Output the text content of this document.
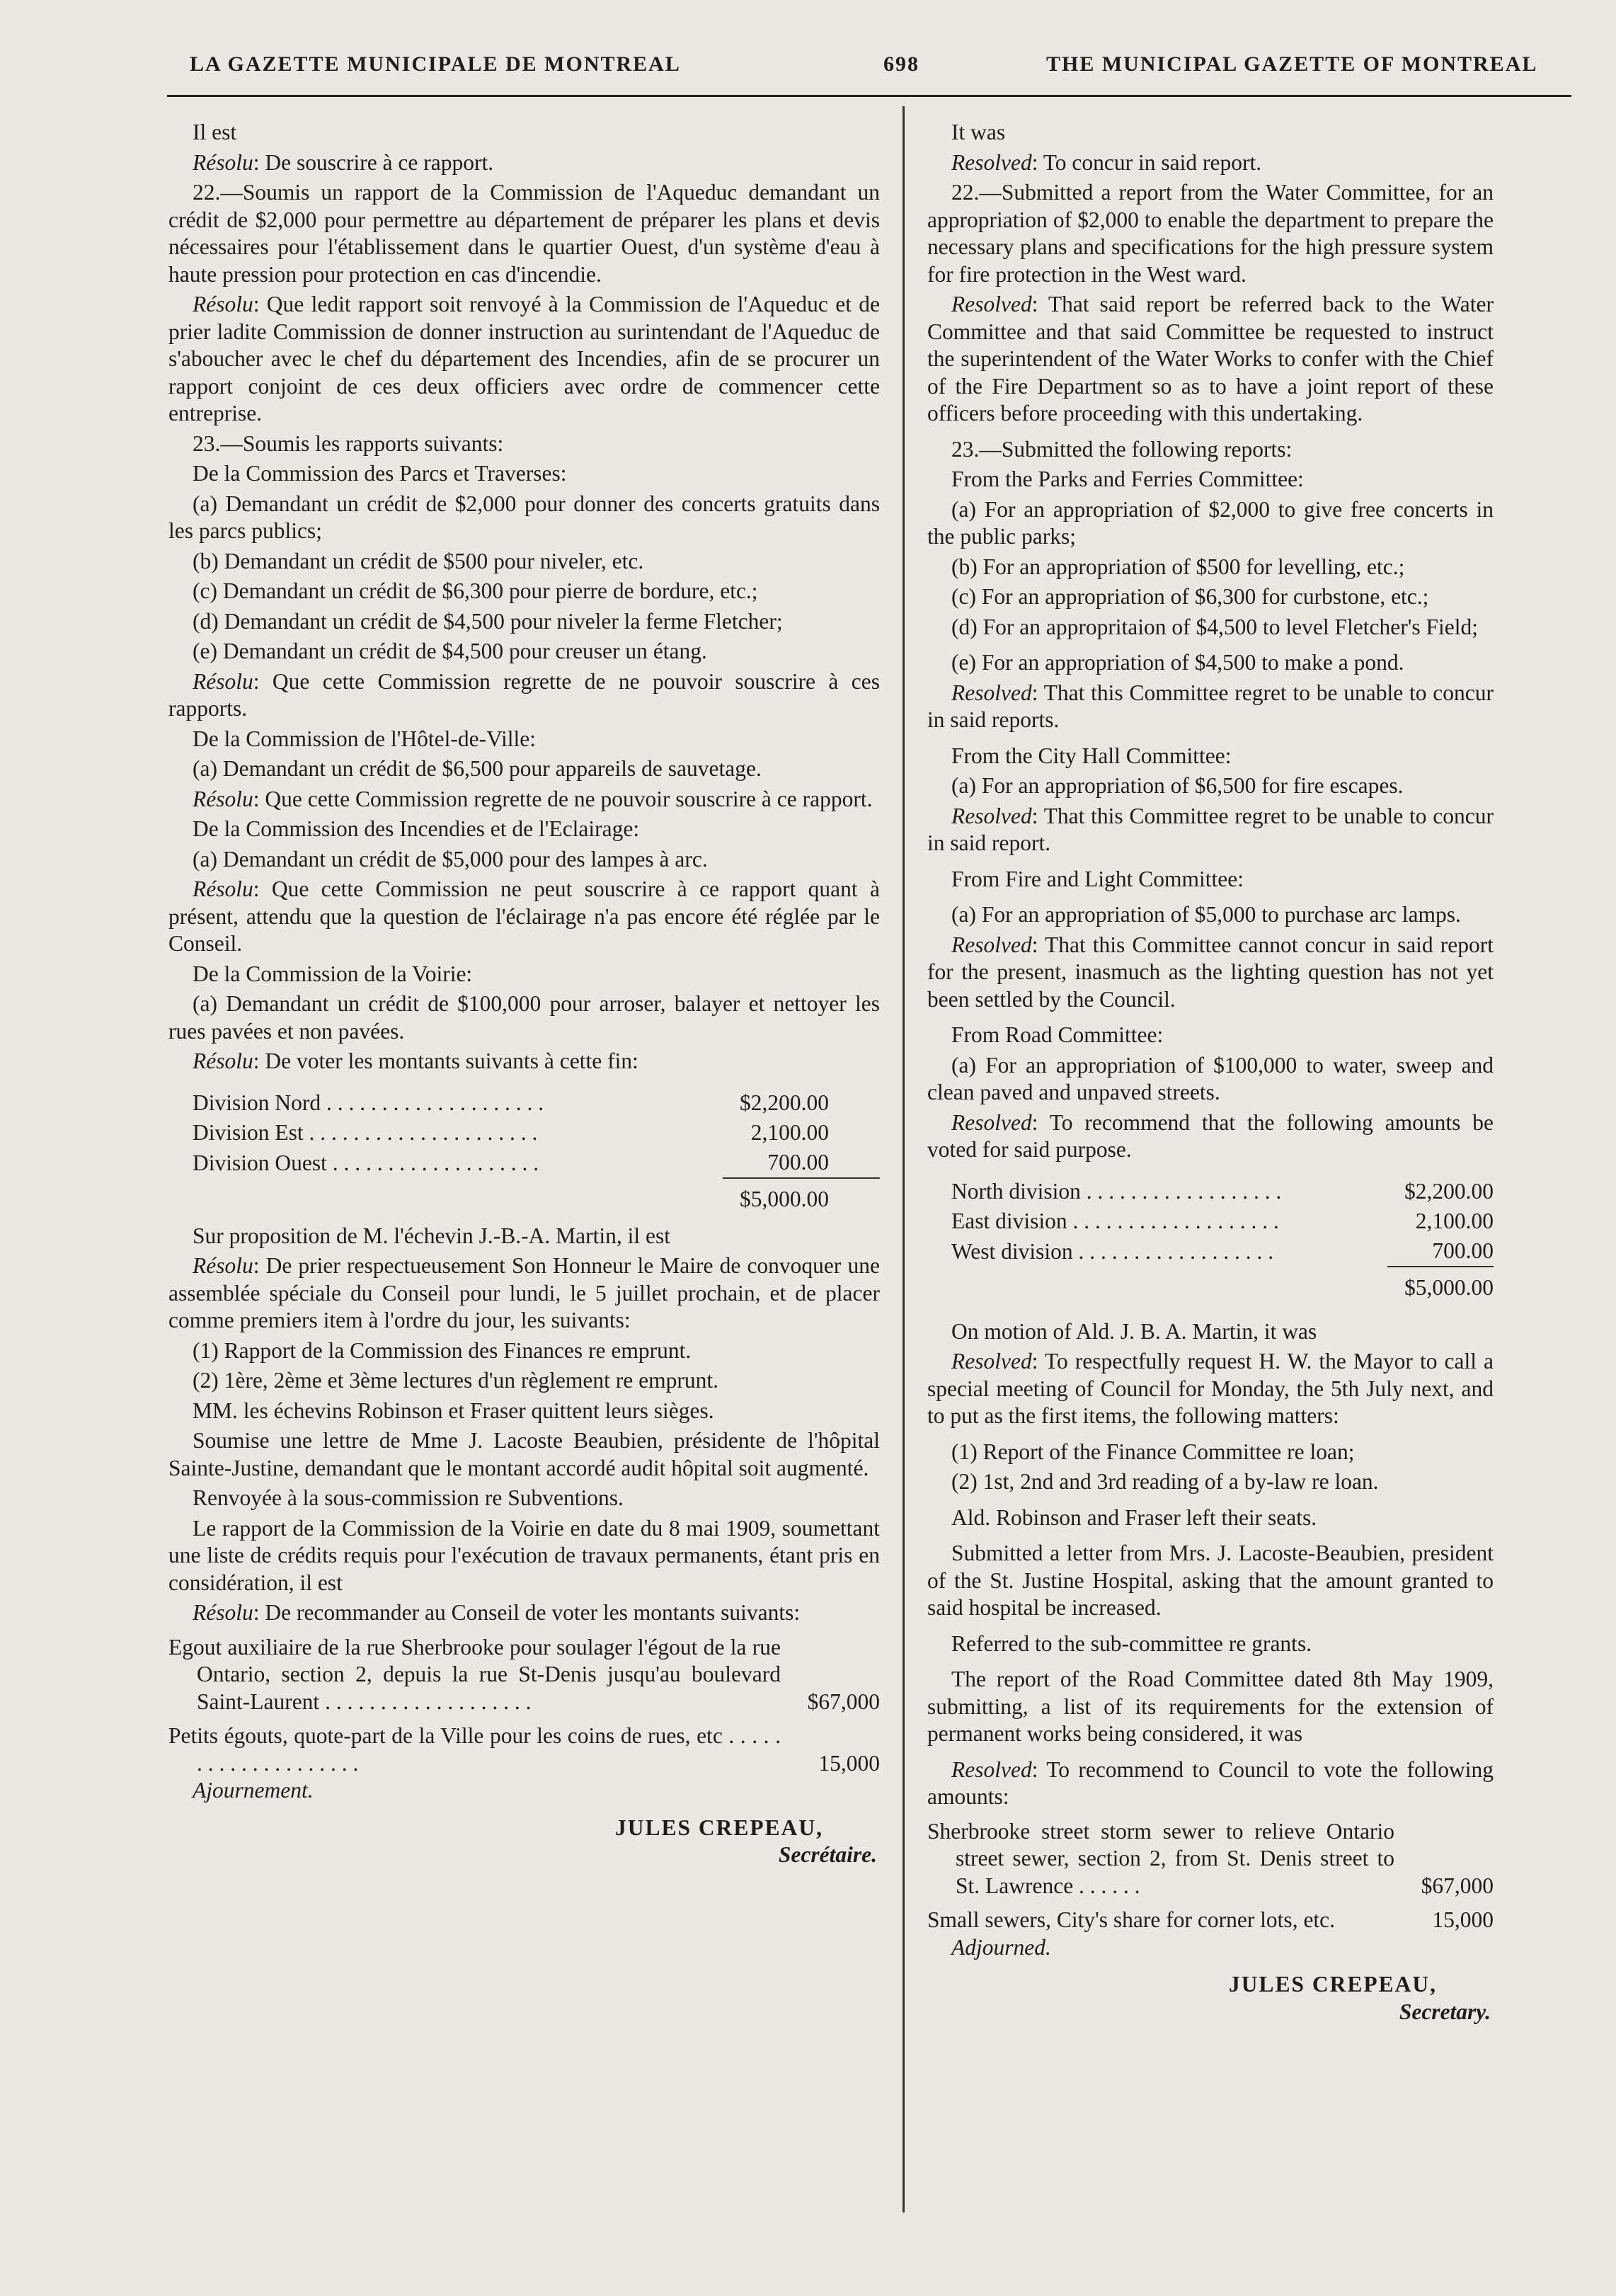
LA GAZETTE MUNICIPALE DE MONTREAL	698	THE MUNICIPAL GAZETTE OF MONTREAL

Il est

Résolu: De souscrire à ce rapport.

22.—Soumis un rapport de la Commission de l'Aqueduc demandant un crédit de $2,000 pour permettre au département de préparer les plans et devis nécessaires pour l'établissement dans le quartier Ouest, d'un système d'eau à haute pression pour protection en cas d'incendie.

Résolu: Que ledit rapport soit renvoyé à la Commission de l'Aqueduc et de prier ladite Commission de donner instruction au surintendant de l'Aqueduc de s'aboucher avec le chef du département des Incendies, afin de se procurer un rapport conjoint de ces deux officiers avec ordre de commencer cette entreprise.

23.—Soumis les rapports suivants:

De la Commission des Parcs et Traverses:

(a) Demandant un crédit de $2,000 pour donner des concerts gratuits dans les parcs publics;

(b) Demandant un crédit de $500 pour niveler, etc.

(c) Demandant un crédit de $6,300 pour pierre de bordure, etc.;

(d) Demandant un crédit de $4,500 pour niveler la ferme Fletcher;

(e) Demandant un crédit de $4,500 pour creuser un étang.

Résolu: Que cette Commission regrette de ne pouvoir souscrire à ces rapports.

De la Commission de l'Hôtel-de-Ville:

(a) Demandant un crédit de $6,500 pour appareils de sauvetage.

Résolu: Que cette Commission regrette de ne pouvoir souscrire à ce rapport.

De la Commission des Incendies et de l'Eclairage:

(a) Demandant un crédit de $5,000 pour des lampes à arc.

Résolu: Que cette Commission ne peut souscrire à ce rapport quant à présent, attendu que la question de l'éclairage n'a pas encore été réglée par le Conseil.

De la Commission de la Voirie:

(a) Demandant un crédit de $100,000 pour arroser, balayer et nettoyer les rues pavées et non pavées.

Résolu: De voter les montants suivants à cette fin:

Division Nord . . . . . . . . . . . . . . . . . . . .	$2,200.00
Division Est . . . . . . . . . . . . . . . . . . . . .	2,100.00
Division Ouest . . . . . . . . . . . . . . . . . . .	700.00
	$5,000.00

Sur proposition de M. l'échevin J.-B.-A. Martin, il est

Résolu: De prier respectueusement Son Honneur le Maire de convoquer une assemblée spéciale du Conseil pour lundi, le 5 juillet prochain, et de placer comme premiers item à l'ordre du jour, les suivants:

(1) Rapport de la Commission des Finances re emprunt.

(2) 1ère, 2ème et 3ème lectures d'un règlement re emprunt.

MM. les échevins Robinson et Fraser quittent leurs sièges.

Soumise une lettre de Mme J. Lacoste Beaubien, présidente de l'hôpital Sainte-Justine, demandant que le montant accordé audit hôpital soit augmenté.

Renvoyée à la sous-commission re Subventions.

Le rapport de la Commission de la Voirie en date du 8 mai 1909, soumettant une liste de crédits requis pour l'exécution de travaux permanents, étant pris en considération, il est

Résolu: De recommander au Conseil de voter les montants suivants:

Egout auxiliaire de la rue Sherbrooke pour soulager l'égout de la rue Ontario, section 2, depuis la rue St-Denis jusqu'au boulevard Saint-Laurent . . . . . . . . . . . . . . . . . . .	$67,000
Petits égouts, quote-part de la Ville pour les coins de rues, etc . . . . . . . . . . . . . . . . . . . .	15,000

Ajournement.

JULES CREPEAU,
Secrétaire.

It was

Resolved: To concur in said report.

22.—Submitted a report from the Water Committee, for an appropriation of $2,000 to enable the department to prepare the necessary plans and specifications for the high pressure system for fire protection in the West ward.

Resolved: That said report be referred back to the Water Committee and that said Committee be requested to instruct the superintendent of the Water Works to confer with the Chief of the Fire Department so as to have a joint report of these officers before proceeding with this undertaking.

23.—Submitted the following reports:

From the Parks and Ferries Committee:

(a) For an appropriation of $2,000 to give free concerts in the public parks;

(b) For an appropriation of $500 for levelling, etc.;

(c) For an appropriation of $6,300 for curbstone, etc.;

(d) For an appropritaion of $4,500 to level Fletcher's Field;

(e) For an appropriation of $4,500 to make a pond.

Resolved: That this Committee regret to be unable to concur in said reports.

From the City Hall Committee:

(a) For an appropriation of $6,500 for fire escapes.

Resolved: That this Committee regret to be unable to concur in said report.

From Fire and Light Committee:

(a) For an appropriation of $5,000 to purchase arc lamps.

Resolved: That this Committee cannot concur in said report for the present, inasmuch as the lighting question has not yet been settled by the Council.

From Road Committee:

(a) For an appropriation of $100,000 to water, sweep and clean paved and unpaved streets.

Resolved: To recommend that the following amounts be voted for said purpose.

North division . . . . . . . . . . . . . . . . . .	$2,200.00
East division . . . . . . . . . . . . . . . . . . .	2,100.00
West division . . . . . . . . . . . . . . . . . .	700.00
	$5,000.00

On motion of Ald. J. B. A. Martin, it was

Resolved: To respectfully request H. W. the Mayor to call a special meeting of Council for Monday, the 5th July next, and to put as the first items, the following matters:

(1) Report of the Finance Committee re loan;

(2) 1st, 2nd and 3rd reading of a by-law re loan.

Ald. Robinson and Fraser left their seats.

Submitted a letter from Mrs. J. Lacoste-Beaubien, president of the St. Justine Hospital, asking that the amount granted to said hospital be increased.

Referred to the sub-committee re grants.

The report of the Road Committee dated 8th May 1909, submitting, a list of its requirements for the extension of permanent works being considered, it was

Resolved: To recommend to Council to vote the following amounts:

Sherbrooke street storm sewer to relieve Ontario street sewer, section 2, from St. Denis street to St. Lawrence . . . . . .	$67,000
Small sewers, City's share for corner lots, etc.	15,000

Adjourned.

JULES CREPEAU,
Secretary.
